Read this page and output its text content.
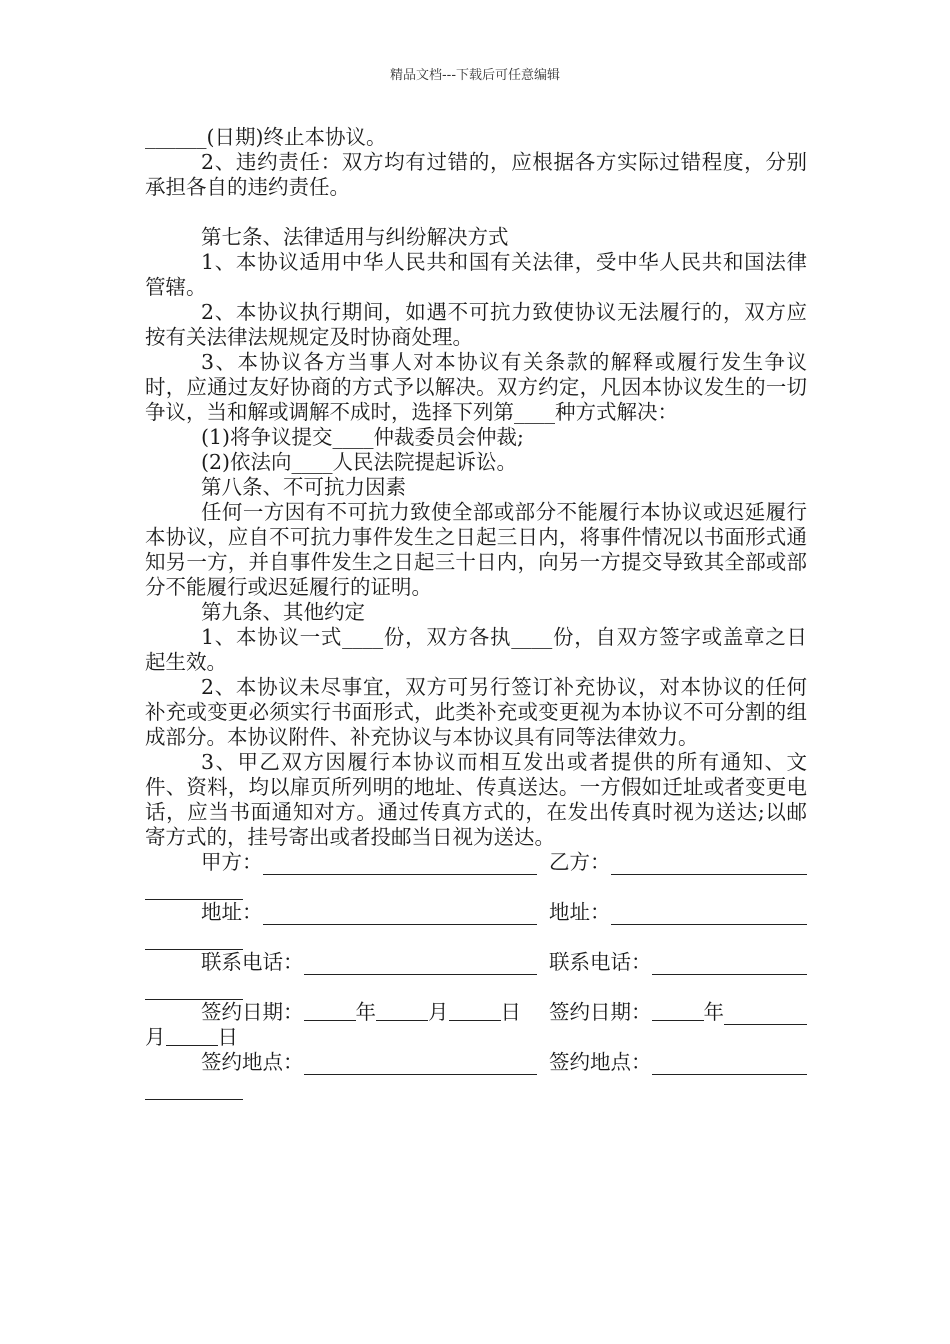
精品文档---下载后可任意编辑

______(日期)终止本协议。

2、违约责任：双方均有过错的，应根据各方实际过错程度，分别承担各自的违约责任。

第七条、法律适用与纠纷解决方式

1、本协议适用中华人民共和国有关法律，受中华人民共和国法律管辖。

2、本协议执行期间，如遇不可抗力致使协议无法履行的，双方应按有关法律法规规定及时协商处理。

3、本协议各方当事人对本协议有关条款的解释或履行发生争议时，应通过友好协商的方式予以解决。双方约定，凡因本协议发生的一切争议，当和解或调解不成时，选择下列第____种方式解决：

(1)将争议提交____仲裁委员会仲裁;

(2)依法向____人民法院提起诉讼。

第八条、不可抗力因素

任何一方因有不可抗力致使全部或部分不能履行本协议或迟延履行本协议，应自不可抗力事件发生之日起三日内，将事件情况以书面形式通知另一方，并自事件发生之日起三十日内，向另一方提交导致其全部或部分不能履行或迟延履行的证明。

第九条、其他约定

1、本协议一式____份，双方各执____份，自双方签字或盖章之日起生效。

2、本协议未尽事宜，双方可另行签订补充协议，对本协议的任何补充或变更必须实行书面形式，此类补充或变更视为本协议不可分割的组成部分。本协议附件、补充协议与本协议具有同等法律效力。

3、甲乙双方因履行本协议而相互发出或者提供的所有通知、文件、资料，均以扉页所列明的地址、传真送达。一方假如迁址或者变更电话，应当书面通知对方。通过传真方式的，在发出传真时视为送达;以邮寄方式的，挂号寄出或者投邮当日视为送达。

甲方：	乙方：
地址：	地址：
联系电话：	联系电话：
签约日期：	年	月	日 签约日期：	年
月	日
签约地点：	签约地点：
